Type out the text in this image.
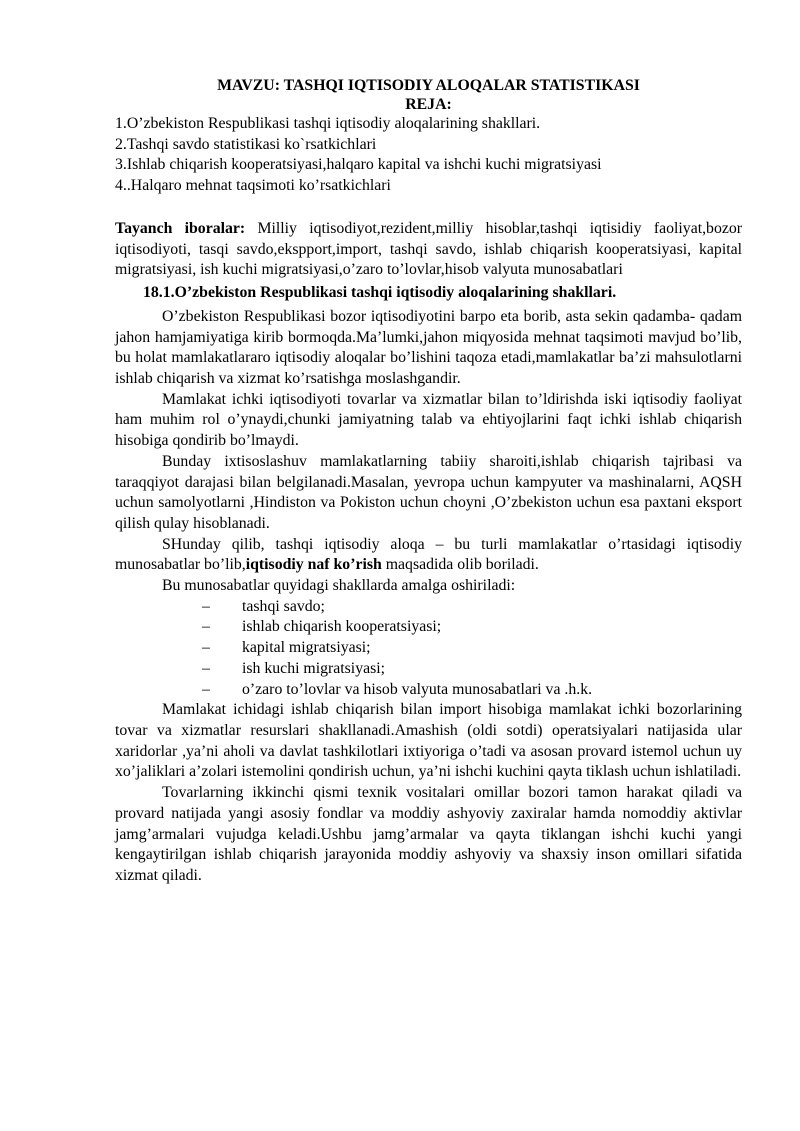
MAVZU: TASHQI IQTISODIY ALOQALAR STATISTIKASI
REJA:
1.O’zbekiston Respublikasi tashqi iqtisodiy aloqalarining shakllari.
2.Tashqi savdo statistikasi ko`rsatkichlari
3.Ishlab chiqarish kooperatsiyasi,halqaro kapital va ishchi kuchi migratsiyasi
4..Halqaro mehnat taqsimoti ko’rsatkichlari

Tayanch iboralar: Milliy iqtisodiyot,rezident,milliy hisoblar,tashqi iqtisidiy faoliyat,bozor iqtisodiyoti, tasqi savdo,ekspport,import, tashqi savdo, ishlab chiqarish kooperatsiyasi, kapital migratsiyasi, ish kuchi migratsiyasi,o’zaro to’lovlar,hisob valyuta munosabatlari

18.1.O’zbekiston Respublikasi tashqi iqtisodiy aloqalarining shakllari.

O’zbekiston Respublikasi bozor iqtisodiyotini barpo eta borib, asta sekin qadamba- qadam jahon hamjamiyatiga kirib bormoqda.Ma’lumki,jahon miqyosida mehnat taqsimoti mavjud bo’lib, bu holat mamlakatlararo iqtisodiy aloqalar bo’lishini taqoza etadi,mamlakatlar ba’zi mahsulotlarni ishlab chiqarish va xizmat ko’rsatishga moslashgandir.

Mamlakat ichki iqtisodiyoti tovarlar va xizmatlar bilan to’ldirishda iski iqtisodiy faoliyat ham muhim rol o’ynaydi,chunki jamiyatning talab va ehtiyojlarini faqt ichki ishlab chiqarish hisobiga qondirib bo’lmaydi.

Bunday ixtisoslashuv mamlakatlarning tabiiy sharoiti,ishlab chiqarish tajribasi va taraqqiyot darajasi bilan belgilanadi.Masalan, yevropa uchun kampyuter va mashinalarni, AQSH uchun samolyotlarni ,Hindiston va Pokiston uchun choyni ,O’zbekiston uchun esa paxtani eksport qilish qulay hisoblanadi.

SHunday qilib, tashqi iqtisodiy aloqa – bu turli mamlakatlar o’rtasidagi iqtisodiy munosabatlar bo’lib,iqtisodiy naf ko’rish maqsadida olib boriladi.

Bu munosabatlar quyidagi shakllarda amalga oshiriladi:

– tashqi savdo;
– ishlab chiqarish kooperatsiyasi;
– kapital migratsiyasi;
– ish kuchi migratsiyasi;
– o’zaro to’lovlar va hisob valyuta munosabatlari va .h.k.

Mamlakat ichidagi ishlab chiqarish bilan import hisobiga mamlakat ichki bozorlarining tovar va xizmatlar resurslari shakllanadi.Amashish (oldi sotdi) operatsiyalari natijasida ular xaridorlar ,ya’ni aholi va davlat tashkilotlari ixtiyoriga o’tadi va asosan provard istemol uchun uy xo’jaliklari a’zolari istemolini qondirish uchun, ya’ni ishchi kuchini qayta tiklash uchun ishlatiladi.

Tovarlarning ikkinchi qismi texnik vositalari omillar bozori tamon harakat qiladi va provard natijada yangi asosiy fondlar va moddiy ashyoviy zaxiralar hamda nomoddiy aktivlar jamg’armalari vujudga keladi.Ushbu jamg’armalar va qayta tiklangan ishchi kuchi yangi kengaytirilgan ishlab chiqarish jarayonida moddiy ashyoviy va shaxsiy inson omillari sifatida xizmat qiladi.
